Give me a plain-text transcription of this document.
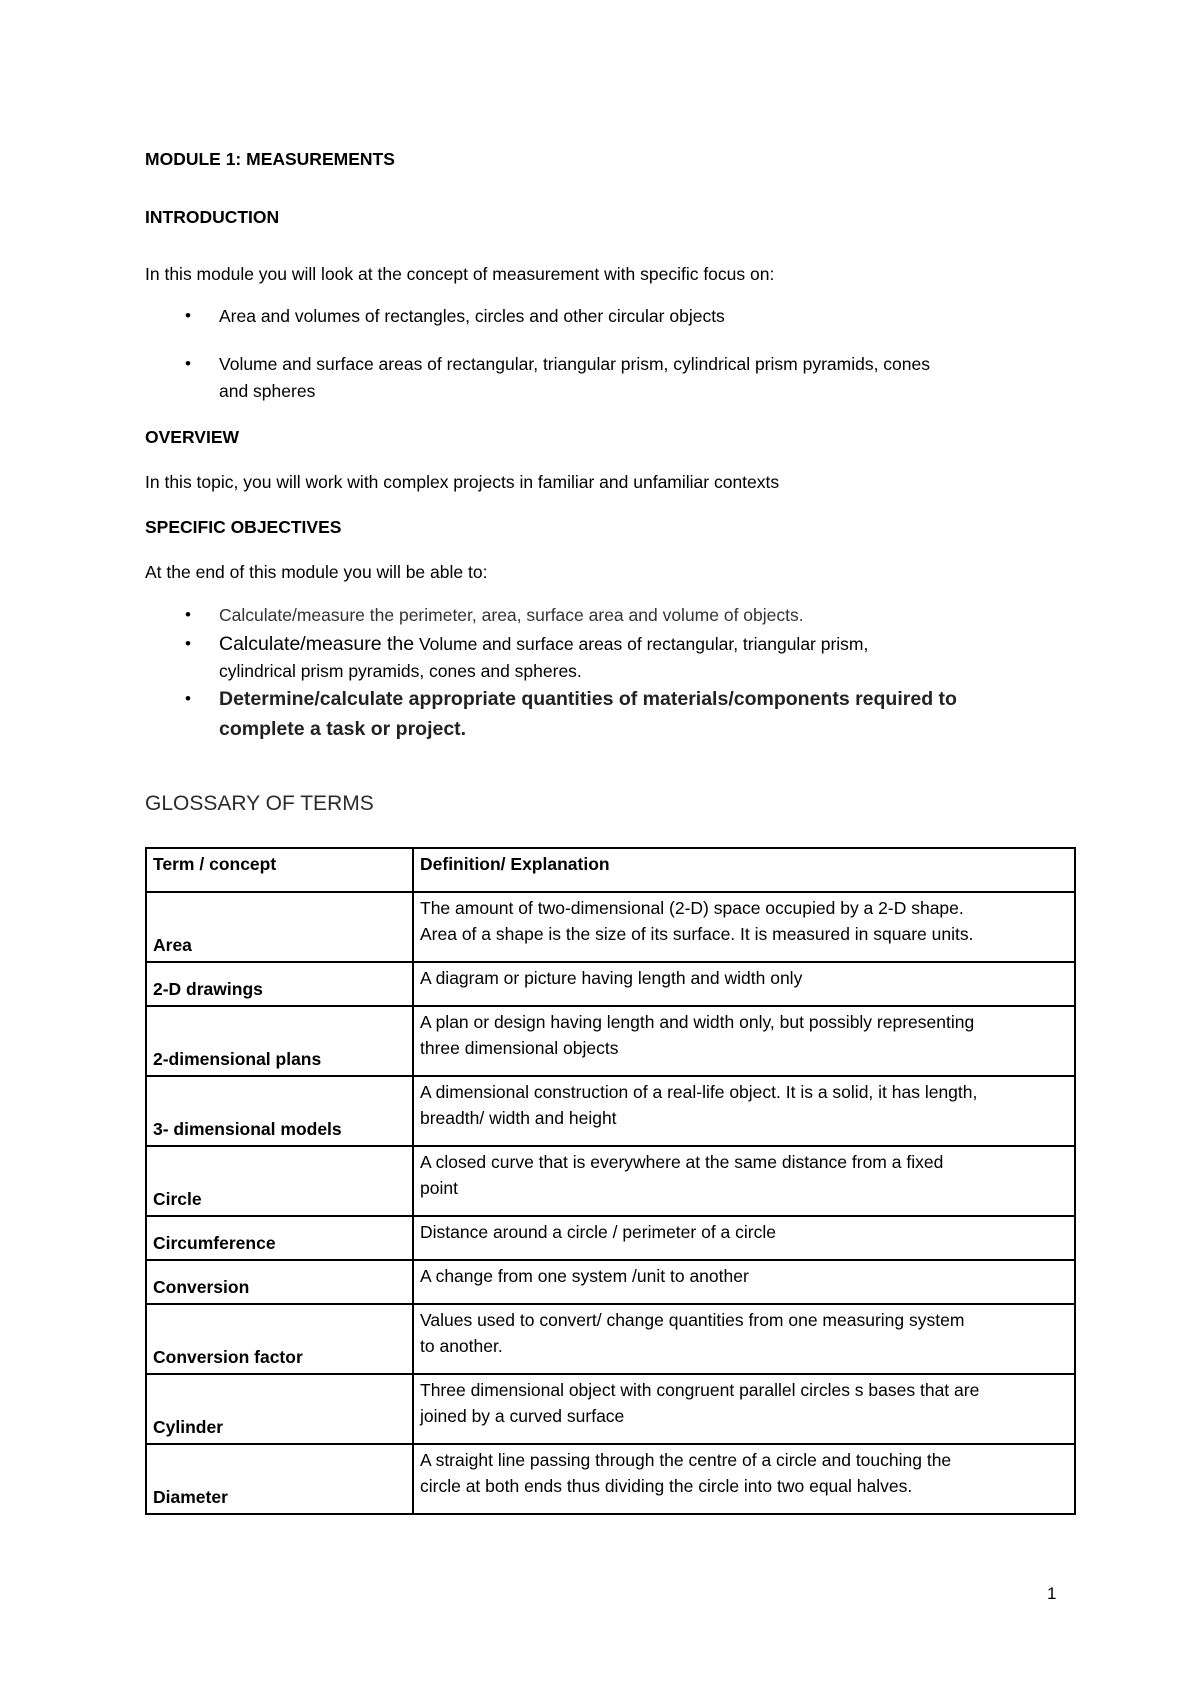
MODULE 1: MEASUREMENTS
INTRODUCTION
In this module you will look at the concept of measurement with specific focus on:
• Area and volumes of rectangles, circles and other circular objects
• Volume and surface areas of rectangular, triangular prism, cylindrical prism pyramids, cones
and spheres
OVERVIEW
In this topic, you will work with complex projects in familiar and unfamiliar contexts
SPECIFIC OBJECTIVES
At the end of this module you will be able to:
• Calculate/measure the perimeter, area, surface area and volume of objects.
• Calculate/measure the Volume and surface areas of rectangular, triangular prism,
cylindrical prism pyramids, cones and spheres.
• Determine/calculate appropriate quantities of materials/components required to
complete a task or project.
GLOSSARY OF TERMS
Term / concept	Definition/ Explanation
Area	The amount of two-dimensional (2-D) space occupied by a 2-D shape.
Area of a shape is the size of its surface. It is measured in square units.

2-D drawings	A diagram or picture having length and width only

2-dimensional plans	A plan or design having length and width only, but possibly representing
three dimensional objects

3- dimensional models	A dimensional construction of a real-life object. It is a solid, it has length,
breadth/ width and height

Circle	A closed curve that is everywhere at the same distance from a fixed
point

Circumference	Distance around a circle / perimeter of a circle

Conversion	A change from one system /unit to another

Conversion factor	Values used to convert/ change quantities from one measuring system
to another.

Cylinder	Three dimensional object with congruent parallel circles s bases that are
joined by a curved surface

Diameter	A straight line passing through the centre of a circle and touching the
circle at both ends thus dividing the circle into two equal halves.
1
